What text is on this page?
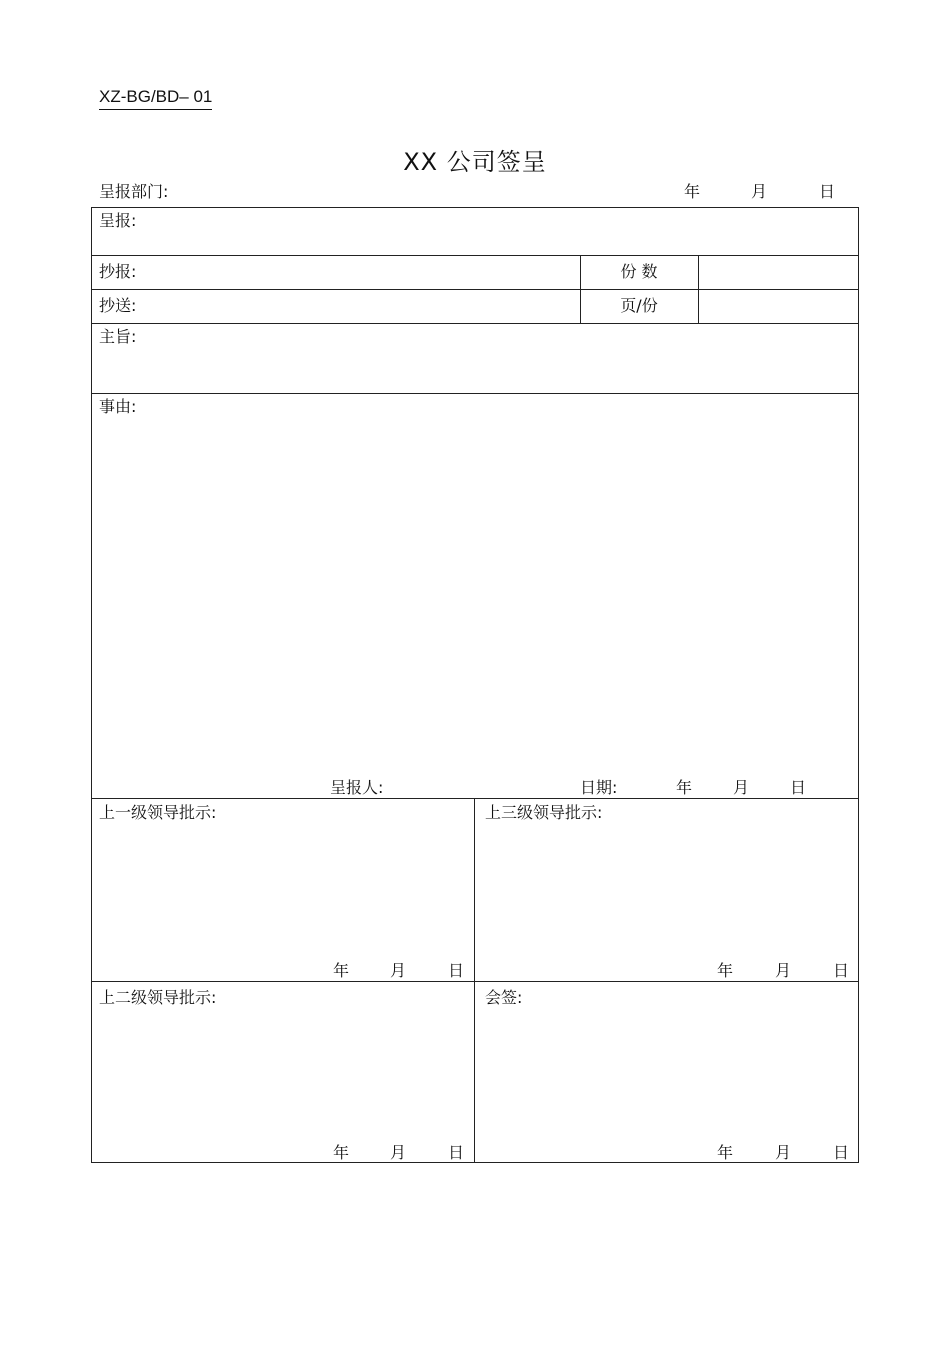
XZ-BG/BD– 01
XX 公司签呈
呈报部门:	年	月	日
呈报:
抄报:	份 数
抄送:	页/份
主旨:
事由:
呈报人:	日期:	年	月	日
上一级领导批示:
年	月	日
上三级领导批示:
年	月	日
上二级领导批示:
年	月	日
会签:
年	月	日
